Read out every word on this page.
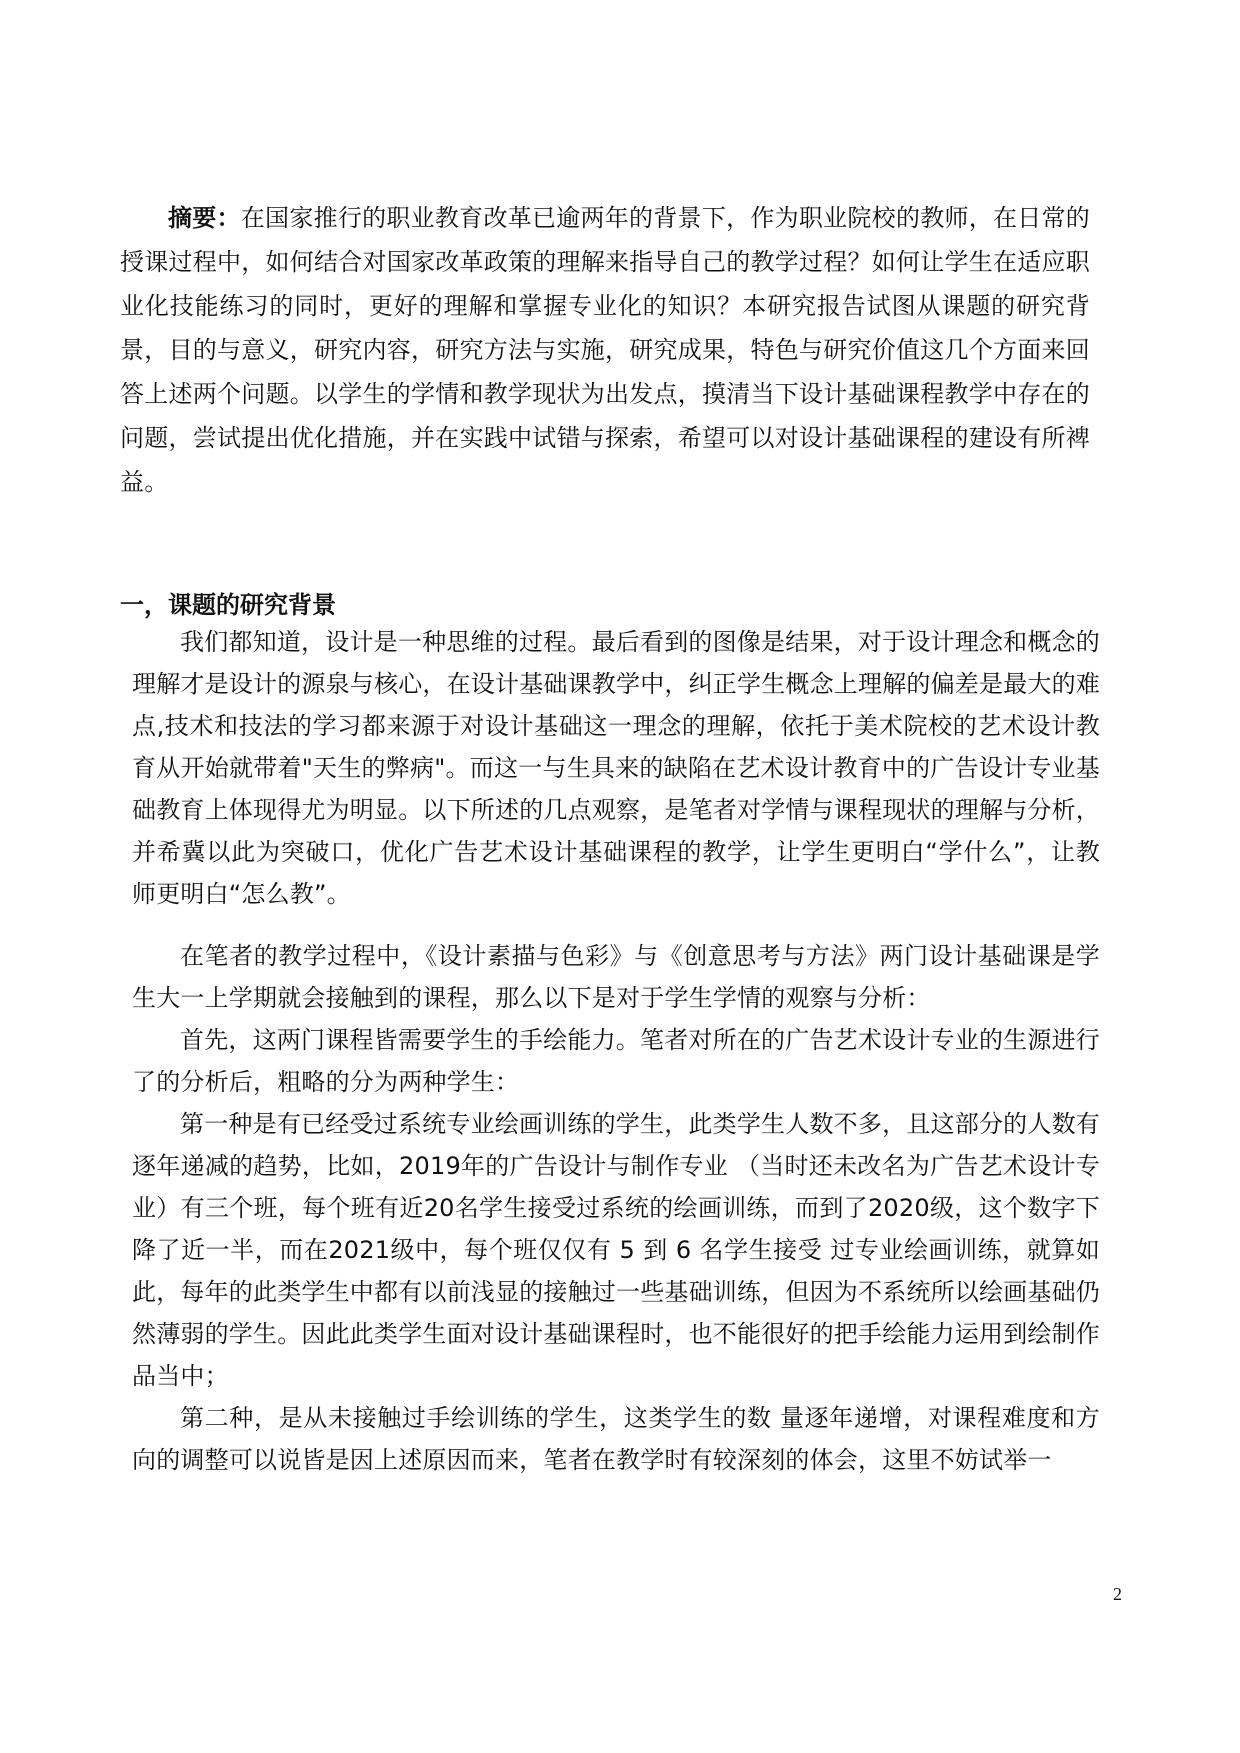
摘要：在国家推行的职业教育改革已逾两年的背景下，作为职业院校的教师，在日常的授课过程中，如何结合对国家改革政策的理解来指导自己的教学过程？如何让学生在适应职业化技能练习的同时，更好的理解和掌握专业化的知识？本研究报告试图从课题的研究背景，目的与意义，研究内容，研究方法与实施，研究成果，特色与研究价值这几个方面来回答上述两个问题。以学生的学情和教学现状为出发点，摸清当下设计基础课程教学中存在的问题，尝试提出优化措施，并在实践中试错与探索，希望可以对设计基础课程的建设有所裨益。
一，课题的研究背景

我们都知道，设计是一种思维的过程。最后看到的图像是结果，对于设计理念和概念的理解才是设计的源泉与核心，在设计基础课教学中，纠正学生概念上理解的偏差是最大的难点,技术和技法的学习都来源于对设计基础这一理念的理解，依托于美术院校的艺术设计教育从开始就带着"天生的弊病"。而这一与生具来的缺陷在艺术设计教育中的广告设计专业基础教育上体现得尤为明显。以下所述的几点观察，是笔者对学情与课程现状的理解与分析，并希冀以此为突破口，优化广告艺术设计基础课程的教学，让学生更明白“学什么”，让教师更明白“怎么教”。

在笔者的教学过程中，《设计素描与色彩》与《创意思考与方法》两门设计基础课是学生大一上学期就会接触到的课程，那么以下是对于学生学情的观察与分析：

首先，这两门课程皆需要学生的手绘能力。笔者对所在的广告艺术设计专业的生源进行了的分析后，粗略的分为两种学生：

第一种是有已经受过系统专业绘画训练的学生，此类学生人数不多，且这部分的人数有逐年递减的趋势，比如，2019年的广告设计与制作专业 （当时还未改名为广告艺术设计专业）有三个班，每个班有近20名学生接受过系统的绘画训练，而到了2020级，这个数字下降了近一半，而在2021级中，每个班仅仅有 5 到 6 名学生接受 过专业绘画训练，就算如此，每年的此类学生中都有以前浅显的接触过一些基础训练，但因为不系统所以绘画基础仍然薄弱的学生。因此此类学生面对设计基础课程时，也不能很好的把手绘能力运用到绘制作品当中；

第二种，是从未接触过手绘训练的学生，这类学生的数 量逐年递增，对课程难度和方向的调整可以说皆是因上述原因而来，笔者在教学时有较深刻的体会，这里不妨试举一

2
